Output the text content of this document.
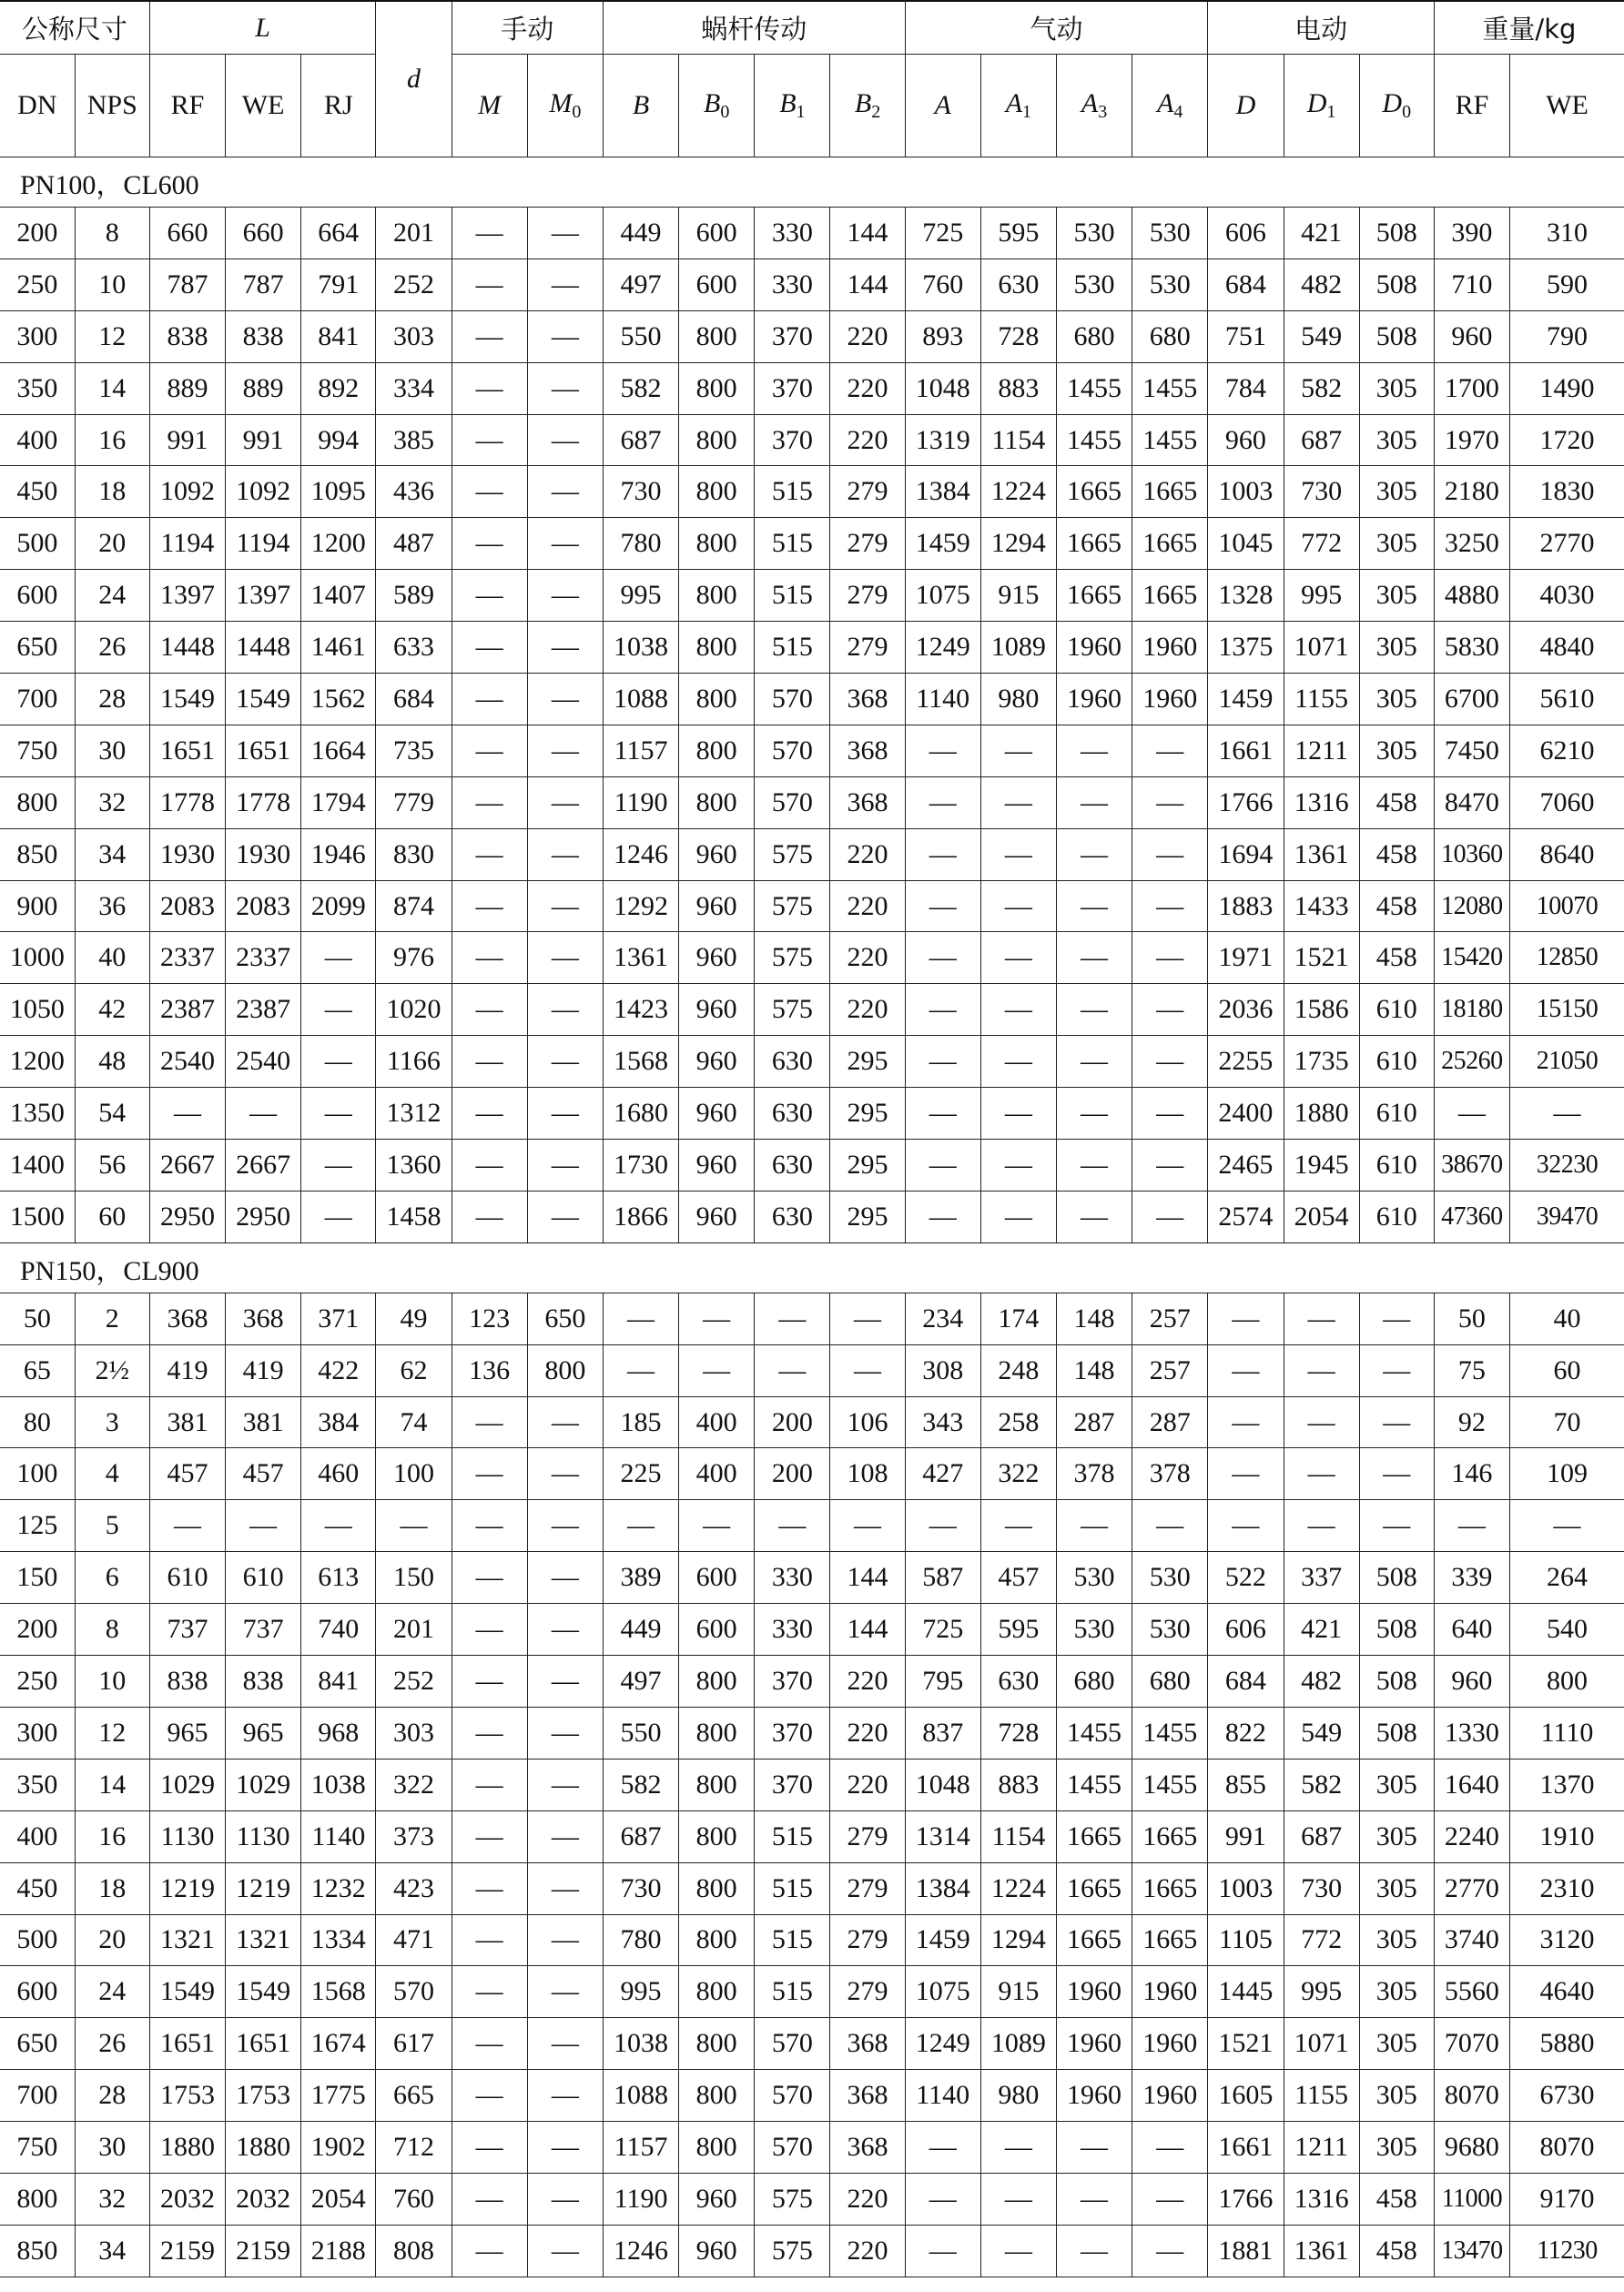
公称尺寸		L			d	手动		蜗杆传动				气动				电动			重量/kg	
DN	NPS	RF	WE	RJ		M	$M_0$	B	$B_0$	$B_1$	$B_2$	A	$A_1$	$A_3$	$A_4$	D	$D_1$	$D_0$	RF	WE
PN100，CL600																				
200	8	660	660	664	201	—	—	449	600	330	144	725	595	530	530	606	421	508	390	310
250	10	787	787	791	252	—	—	497	600	330	144	760	630	530	530	684	482	508	710	590
300	12	838	838	841	303	—	—	550	800	370	220	893	728	680	680	751	549	508	960	790
350	14	889	889	892	334	—	—	582	800	370	220	1048	883	1455	1455	784	582	305	1700	1490
400	16	991	991	994	385	—	—	687	800	370	220	1319	1154	1455	1455	960	687	305	1970	1720
450	18	1092	1092	1095	436	—	—	730	800	515	279	1384	1224	1665	1665	1003	730	305	2180	1830
500	20	1194	1194	1200	487	—	—	780	800	515	279	1459	1294	1665	1665	1045	772	305	3250	2770
600	24	1397	1397	1407	589	—	—	995	800	515	279	1075	915	1665	1665	1328	995	305	4880	4030
650	26	1448	1448	1461	633	—	—	1038	800	515	279	1249	1089	1960	1960	1375	1071	305	5830	4840
700	28	1549	1549	1562	684	—	—	1088	800	570	368	1140	980	1960	1960	1459	1155	305	6700	5610
750	30	1651	1651	1664	735	—	—	1157	800	570	368	—	—	—	—	1661	1211	305	7450	6210
800	32	1778	1778	1794	779	—	—	1190	800	570	368	—	—	—	—	1766	1316	458	8470	7060
850	34	1930	1930	1946	830	—	—	1246	960	575	220	—	—	—	—	1694	1361	458	10360	8640
900	36	2083	2083	2099	874	—	—	1292	960	575	220	—	—	—	—	1883	1433	458	12080	10070
1000	40	2337	2337	—	976	—	—	1361	960	575	220	—	—	—	—	1971	1521	458	15420	12850
1050	42	2387	2387	—	1020	—	—	1423	960	575	220	—	—	—	—	2036	1586	610	18180	15150
1200	48	2540	2540	—	1166	—	—	1568	960	630	295	—	—	—	—	2255	1735	610	25260	21050
1350	54	—	—	—	1312	—	—	1680	960	630	295	—	—	—	—	2400	1880	610	—	—
1400	56	2667	2667	—	1360	—	—	1730	960	630	295	—	—	—	—	2465	1945	610	38670	32230
1500	60	2950	2950	—	1458	—	—	1866	960	630	295	—	—	—	—	2574	2054	610	47360	39470
PN150，CL900																				
50	2	368	368	371	49	123	650	—	—	—	—	234	174	148	257	—	—	—	50	40
65	2½	419	419	422	62	136	800	—	—	—	—	308	248	148	257	—	—	—	75	60
80	3	381	381	384	74	—	—	185	400	200	106	343	258	287	287	—	—	—	92	70
100	4	457	457	460	100	—	—	225	400	200	108	427	322	378	378	—	—	—	146	109
125	5	—	—	—	—	—	—	—	—	—	—	—	—	—	—	—	—	—	—	—
150	6	610	610	613	150	—	—	389	600	330	144	587	457	530	530	522	337	508	339	264
200	8	737	737	740	201	—	—	449	600	330	144	725	595	530	530	606	421	508	640	540
250	10	838	838	841	252	—	—	497	800	370	220	795	630	680	680	684	482	508	960	800
300	12	965	965	968	303	—	—	550	800	370	220	837	728	1455	1455	822	549	508	1330	1110
350	14	1029	1029	1038	322	—	—	582	800	370	220	1048	883	1455	1455	855	582	305	1640	1370
400	16	1130	1130	1140	373	—	—	687	800	515	279	1314	1154	1665	1665	991	687	305	2240	1910
450	18	1219	1219	1232	423	—	—	730	800	515	279	1384	1224	1665	1665	1003	730	305	2770	2310
500	20	1321	1321	1334	471	—	—	780	800	515	279	1459	1294	1665	1665	1105	772	305	3740	3120
600	24	1549	1549	1568	570	—	—	995	800	515	279	1075	915	1960	1960	1445	995	305	5560	4640
650	26	1651	1651	1674	617	—	—	1038	800	570	368	1249	1089	1960	1960	1521	1071	305	7070	5880
700	28	1753	1753	1775	665	—	—	1088	800	570	368	1140	980	1960	1960	1605	1155	305	8070	6730
750	30	1880	1880	1902	712	—	—	1157	800	570	368	—	—	—	—	1661	1211	305	9680	8070
800	32	2032	2032	2054	760	—	—	1190	960	575	220	—	—	—	—	1766	1316	458	11000	9170
850	34	2159	2159	2188	808	—	—	1246	960	575	220	—	—	—	—	1881	1361	458	13470	11230
